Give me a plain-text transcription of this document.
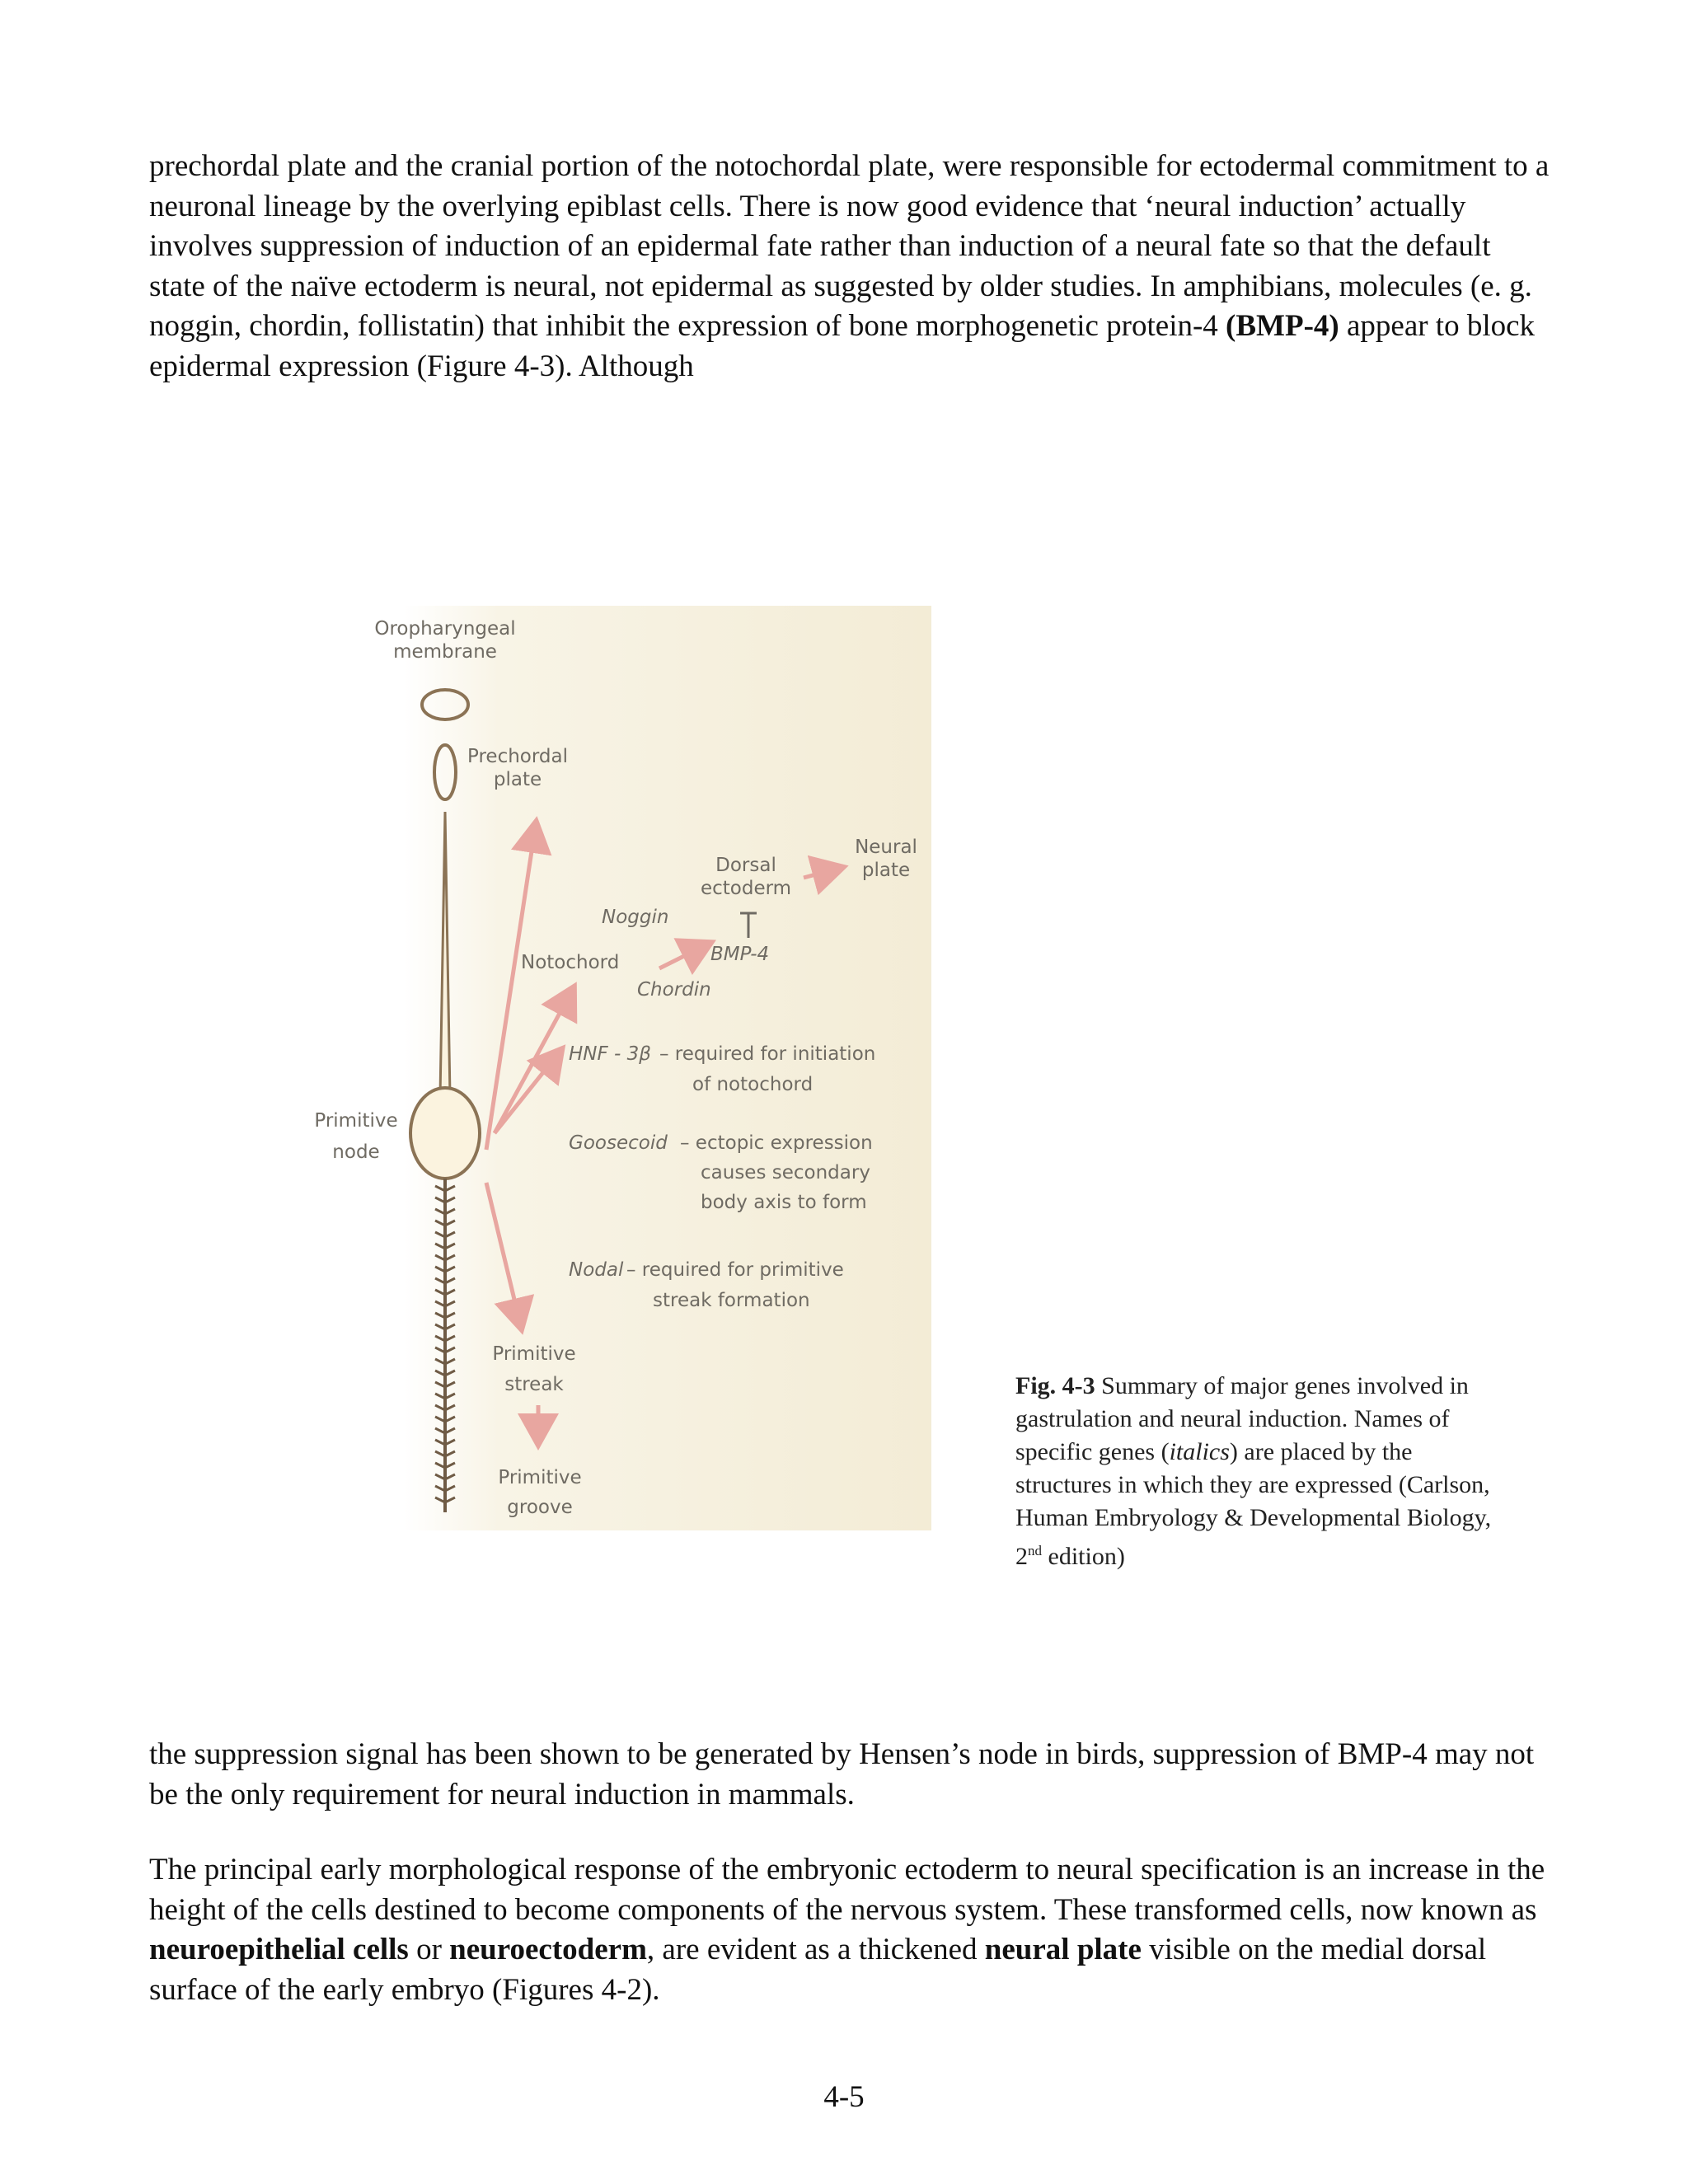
prechordal plate and the cranial portion of the notochordal plate, were responsible for ectodermal commitment to a neuronal lineage by the overlying epiblast cells. There is now good evidence that ‘neural induction’ actually involves suppression of induction of an epidermal fate rather than induction of a neural fate so that the default state of the naïve ectoderm is neural, not epidermal as suggested by older studies. In amphibians, molecules (e. g. noggin, chordin, follistatin) that inhibit the expression of bone morphogenetic protein-4 (BMP-4) appear to block epidermal expression (Figure 4-3). Although

Oropharyngeal
membrane
Prechordal
plate
Dorsal
ectoderm
Neural
plate
Noggin
Notochord	BMP-4
Chordin
HNF - 3β – required for initiation
of notochord
Primitive
node	Goosecoid – ectopic expression
causes secondary
body axis to form
Nodal – required for primitive
streak formation
Primitive
streak
Primitive
groove
Fig. 4-3 Summary of major genes involved in gastrulation and neural induction. Names of specific genes (italics) are placed by the structures in which they are expressed (Carlson, Human Embryology & Developmental Biology, 2nd edition)

the suppression signal has been shown to be generated by Hensen’s node in birds, suppression of BMP-4 may not be the only requirement for neural induction in mammals.

The principal early morphological response of the embryonic ectoderm to neural specification is an increase in the height of the cells destined to become components of the nervous system. These transformed cells, now known as neuroepithelial cells or neuroectoderm, are evident as a thickened neural plate visible on the medial dorsal surface of the early embryo (Figures 4-2).

4-5
